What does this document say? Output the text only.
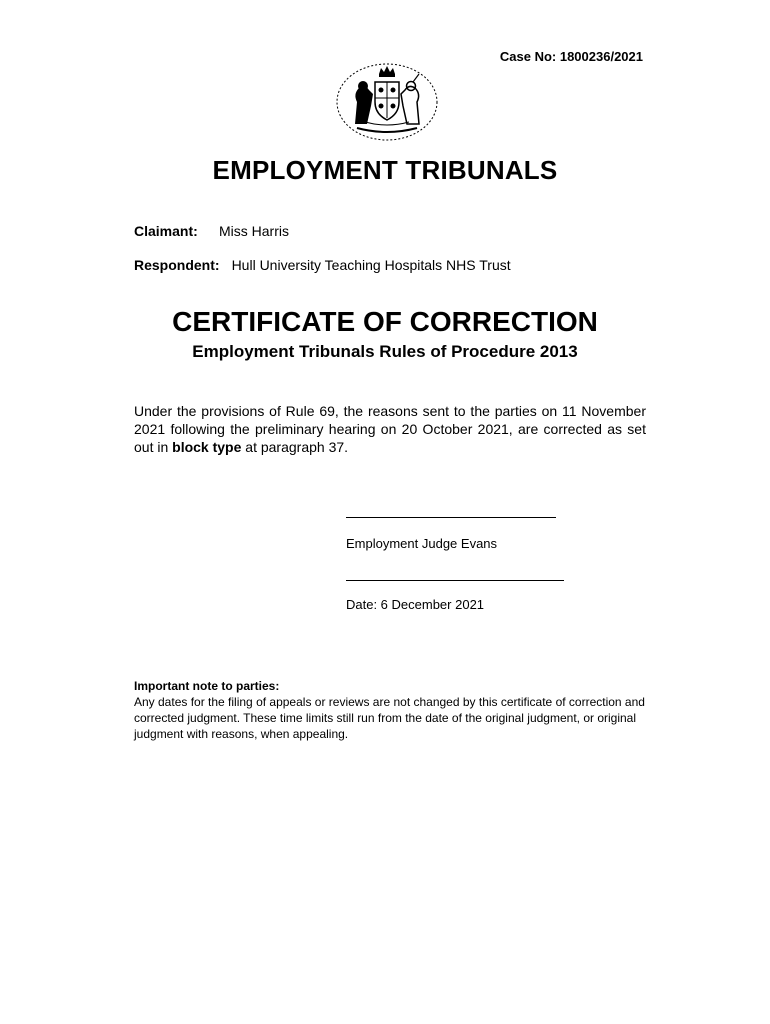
Case No: 1800236/2021
EMPLOYMENT TRIBUNALS
Claimant: Miss Harris
Respondent: Hull University Teaching Hospitals NHS Trust
CERTIFICATE OF CORRECTION
Employment Tribunals Rules of Procedure 2013
Under the provisions of Rule 69, the reasons sent to the parties on 11 November 2021 following the preliminary hearing on 20 October 2021, are corrected as set out in block type at paragraph 37.
Employment Judge Evans
Date: 6 December 2021
Important note to parties:
Any dates for the filing of appeals or reviews are not changed by this certificate of correction and corrected judgment. These time limits still run from the date of the original judgment, or original judgment with reasons, when appealing.
